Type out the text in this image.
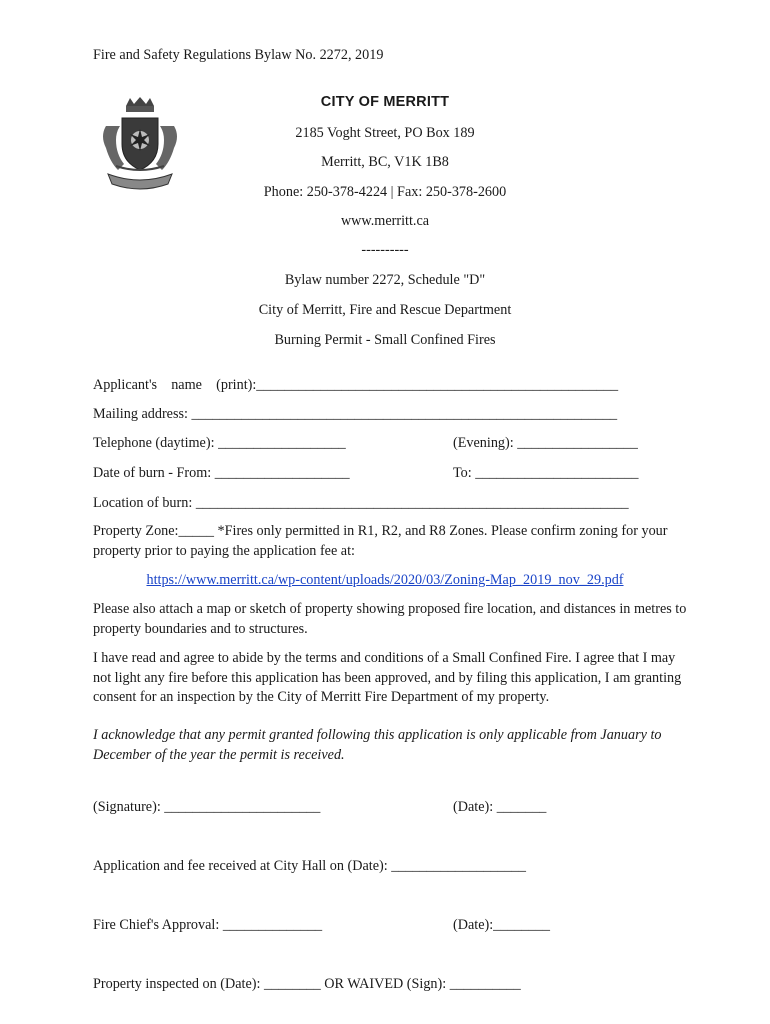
Fire and Safety Regulations Bylaw No. 2272, 2019
CITY OF MERRITT
2185 Voght Street, PO Box 189
Merritt, BC, V1K 1B8
Phone: 250-378-4224 | Fax: 250-378-2600
www.merritt.ca
----------
Bylaw number 2272, Schedule "D"
City of Merritt, Fire and Rescue Department
Burning Permit - Small Confined Fires
Applicant's    name    (print):___________________________________________________
Mailing address: ____________________________________________________________
Telephone (daytime): __________________	(Evening): _________________
Date of burn - From: ___________________	To: _______________________
Location of burn: _____________________________________________________________
Property Zone:_____ *Fires only permitted in R1, R2, and R8 Zones. Please confirm zoning for your property prior to paying the application fee at:
https://www.merritt.ca/wp-content/uploads/2020/03/Zoning-Map_2019_nov_29.pdf
Please also attach a map or sketch of property showing proposed fire location, and distances in metres to property boundaries and to structures.
I have read and agree to abide by the terms and conditions of a Small Confined Fire. I agree that I may not light any fire before this application has been approved, and by filing this application, I am granting consent for an inspection by the City of Merritt Fire Department of my property.
I acknowledge that any permit granted following this application is only applicable from January to December of the year the permit is received.
(Signature): ______________________	(Date): _______
Application and fee received at City Hall on (Date): ___________________
Fire Chief's Approval: ______________	(Date):________
Property inspected on (Date): ________ OR WAIVED (Sign): __________
